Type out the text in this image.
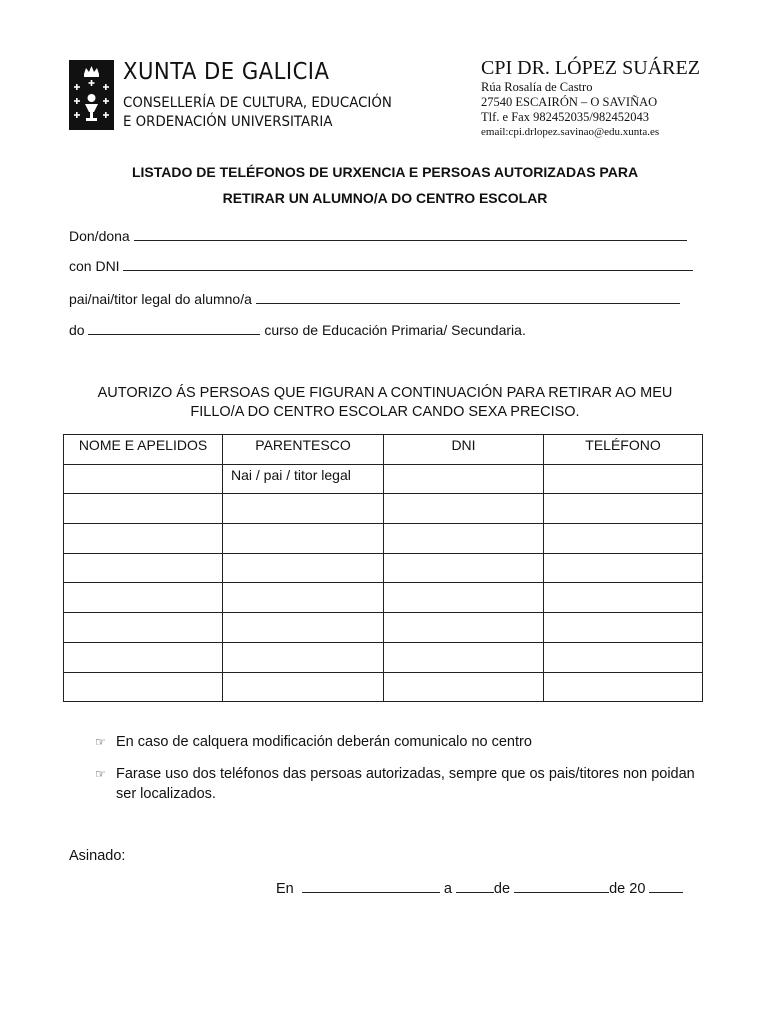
XUNTA DE GALICIA
CONSELLERÍA DE CULTURA, EDUCACIÓN
E ORDENACIÓN UNIVERSITARIA
CPI DR. LÓPEZ SUÁREZ
Rúa Rosalía de Castro
27540 ESCAIRÓN – O SAVIÑAO
Tlf. e Fax 982452035/982452043
email:cpi.drlopez.savinao@edu.xunta.es
LISTADO DE TELÉFONOS DE URXENCIA E PERSOAS AUTORIZADAS PARA
RETIRAR UN ALUMNO/A DO CENTRO ESCOLAR
Don/dona
con DNI
pai/nai/titor legal do alumno/a
do	curso de Educación Primaria/ Secundaria.
AUTORIZO ÁS PERSOAS QUE FIGURAN A CONTINUACIÓN PARA RETIRAR AO MEU
FILLO/A DO CENTRO ESCOLAR CANDO SEXA PRECISO.
NOME E APELIDOS	PARENTESCO	DNI	TELÉFONO

	Nai / pai / titor legal		

☞ En caso de calquera modificación deberán comunicalo no centro
☞ Farase uso dos teléfonos das persoas autorizadas, sempre que os pais/titores non poidan ser localizados.
Asinado:
En	a	de	de 20
